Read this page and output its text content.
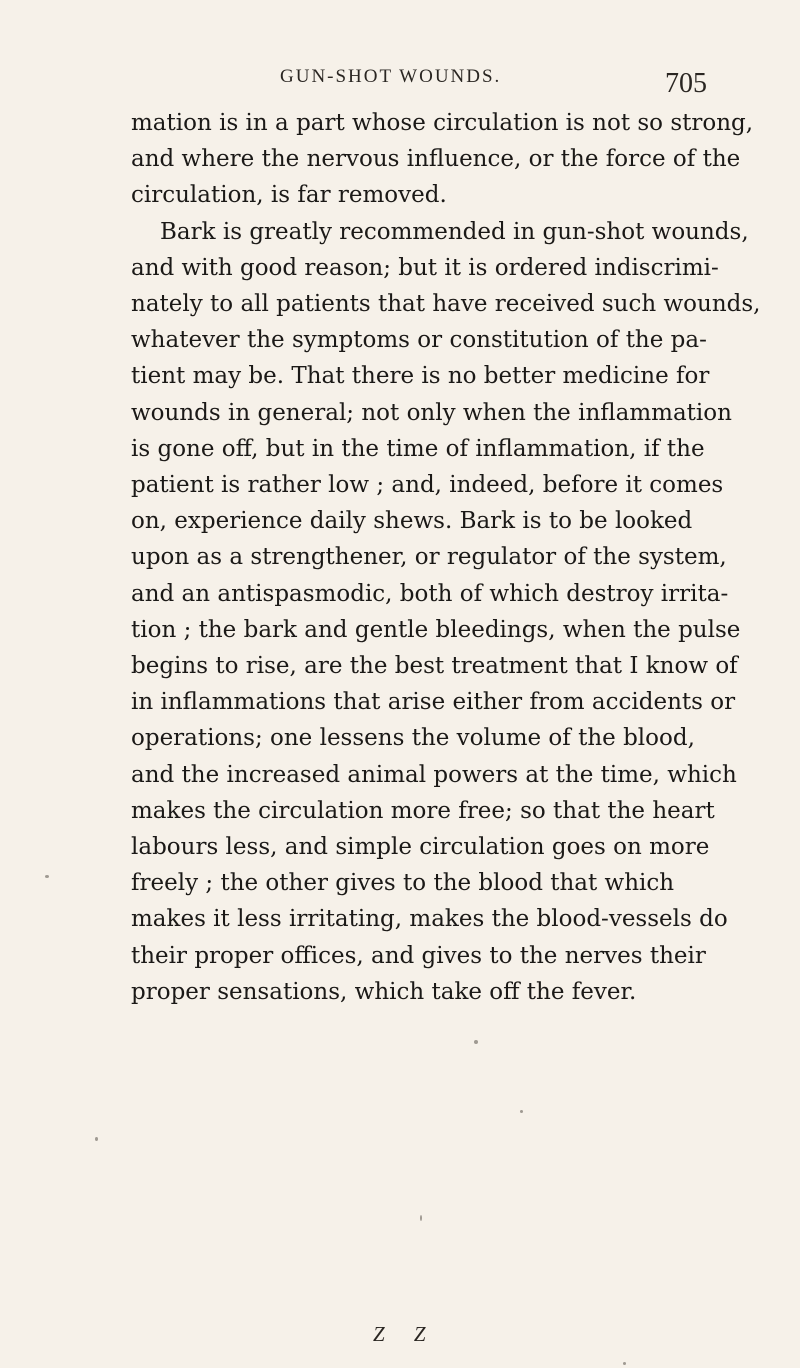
GUN-SHOT WOUNDS.	705
mation is in a part whose circulation is not so strong,
and where the nervous influence, or the force of the
circulation, is far removed.
Bark is greatly recommended in gun-shot wounds,
and with good reason; but it is ordered indiscrimi-
nately to all patients that have received such wounds,
whatever the symptoms or constitution of the pa-
tient may be. That there is no better medicine for
wounds in general; not only when the inflammation
is gone off, but in the time of inflammation, if the
patient is rather low ; and, indeed, before it comes
on, experience daily shews. Bark is to be looked
upon as a strengthener, or regulator of the system,
and an antispasmodic, both of which destroy irrita-
tion ; the bark and gentle bleedings, when the pulse
begins to rise, are the best treatment that I know of
in inflammations that arise either from accidents or
operations; one lessens the volume of the blood,
and the increased animal powers at the time, which
makes the circulation more free; so that the heart
labours less, and simple circulation goes on more
freely ; the other gives to the blood that which
makes it less irritating, makes the blood-vessels do
their proper offices, and gives to the nerves their
proper sensations, which take off the fever.
Z Z
